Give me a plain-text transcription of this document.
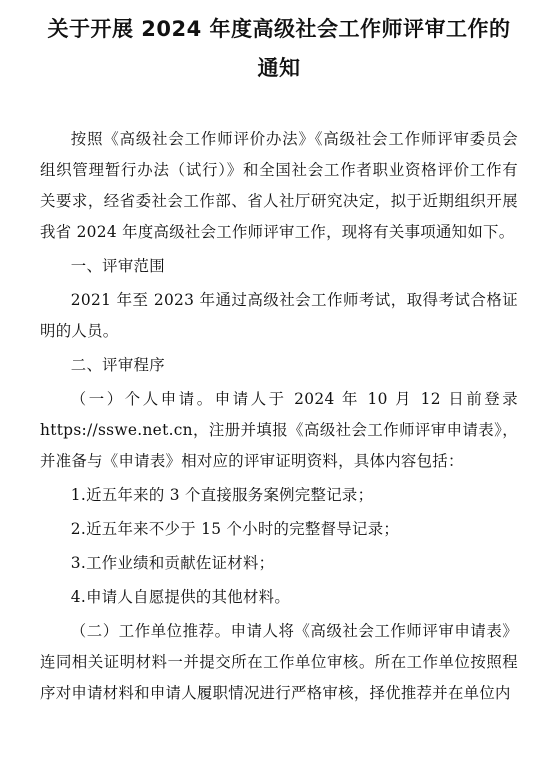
关于开展 2024 年度高级社会工作师评审工作的
通知

按照《高级社会工作师评价办法》《高级社会工作师评审委员会组织管理暂行办法（试行）》和全国社会工作者职业资格评价工作有关要求，经省委社会工作部、省人社厅研究决定，拟于近期组织开展我省 2024 年度高级社会工作师评审工作，现将有关事项通知如下。

一、评审范围

2021 年至 2023 年通过高级社会工作师考试，取得考试合格证明的人员。

二、评审程序

（一）个人申请。申请人于 2024 年 10 月 12 日前登录 https://sswe.net.cn，注册并填报《高级社会工作师评审申请表》，并准备与《申请表》相对应的评审证明资料，具体内容包括：

1.近五年来的 3 个直接服务案例完整记录；

2.近五年来不少于 15 个小时的完整督导记录；

3.工作业绩和贡献佐证材料；

4.申请人自愿提供的其他材料。

（二）工作单位推荐。申请人将《高级社会工作师评审申请表》连同相关证明材料一并提交所在工作单位审核。所在工作单位按照程序对申请材料和申请人履职情况进行严格审核，择优推荐并在单位内
